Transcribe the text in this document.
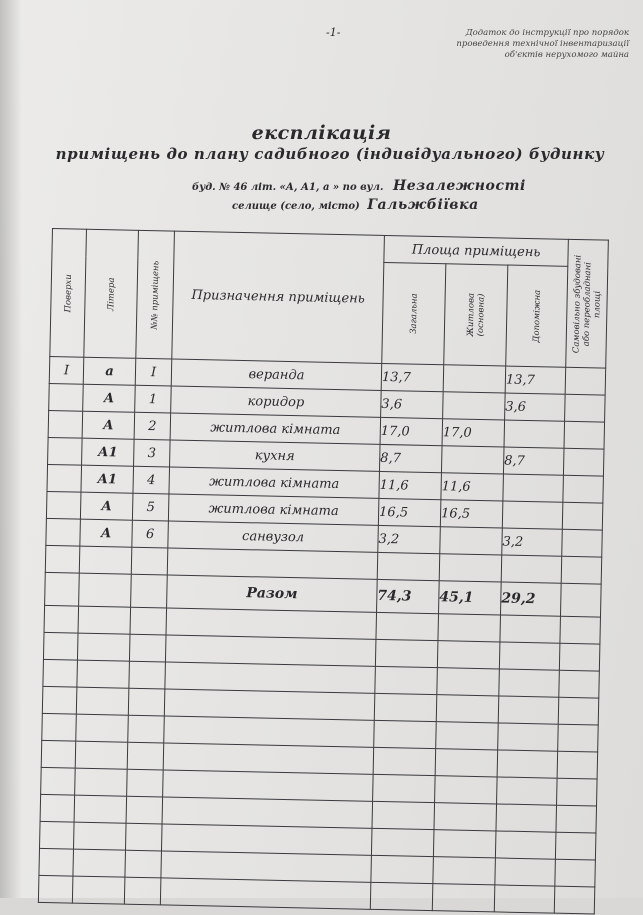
-1-	Додаток до інструкції про порядок
проведення технічної інвентаризації
об'єктів нерухомого майна
експлікація
приміщень до плану садибного (індивідуального) будинку
буд. № 46 літ. «А, А1, а » по вул. Незалежності
селище (село, місто) Гальжбіївка
Поверхи	Літера	№№ приміщень	Призначення приміщень	Площа приміщень			Самовільно збудовані або переобладнані площі

				Загальна	Житлова (основна)	Допоміжна	

I	а	I	веранда	13,7		13,7	
	А	1	коридор	3,6		3,6	
	А	2	житлова кімната	17,0	17,0		
	А1	3	кухня	8,7		8,7	
	А1	4	житлова кімната	11,6	11,6		
	А	5	житлова кімната	16,5	16,5		
	А	6	санвузол	3,2		3,2	

			Разом	74,3	45,1	29,2	
